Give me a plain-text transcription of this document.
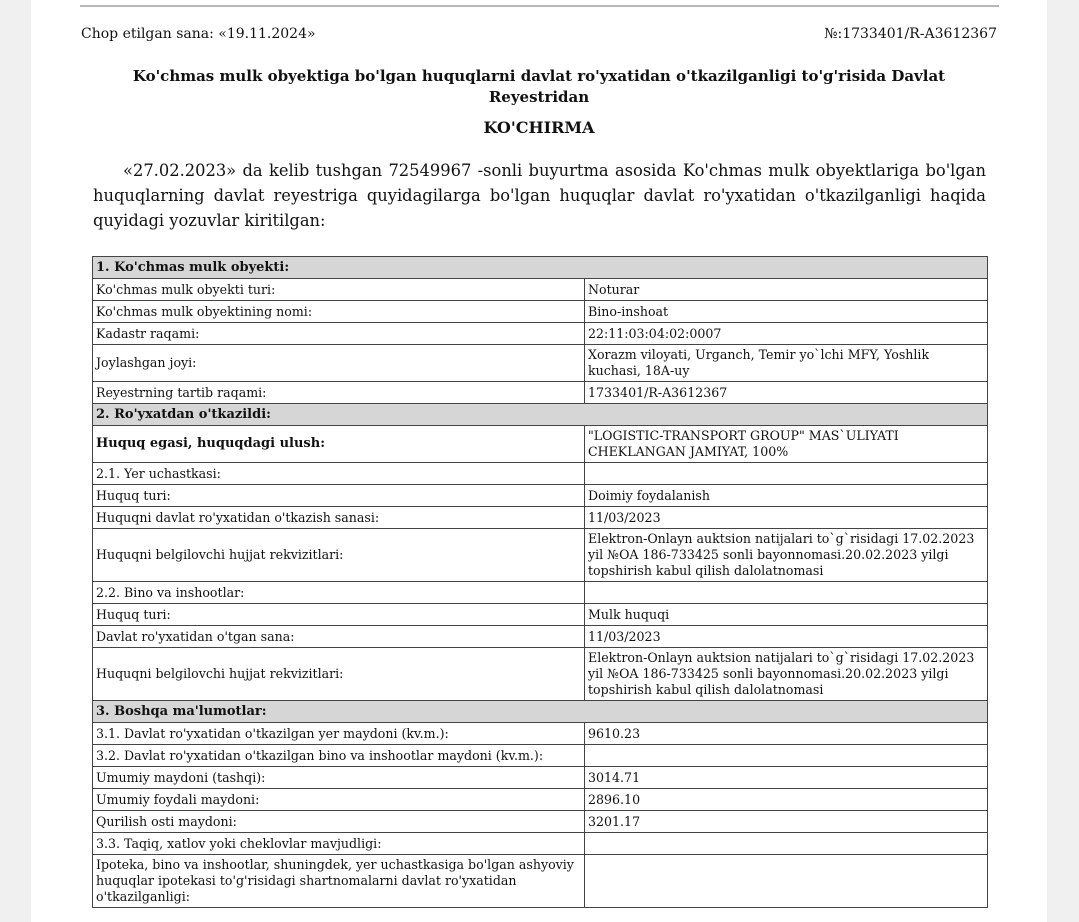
Chop etilgan sana: «19.11.2024»	№:1733401/R-A3612367
Ko'chmas mulk obyektiga bo'lgan huquqlarni davlat ro'yxatidan o'tkazilganligi to'g'risida Davlat Reyestridan
KO'CHIRMA
«27.02.2023» da kelib tushgan 72549967 -sonli buyurtma asosida Ko'chmas mulk obyektlariga bo'lgan huquqlarning davlat reyestriga quyidagilarga bo'lgan huquqlar davlat ro'yxatidan o'tkazilganligi haqida quyidagi yozuvlar kiritilgan:
1. Ko'chmas mulk obyekti:	
Ko'chmas mulk obyekti turi:	Noturar
Ko'chmas mulk obyektining nomi:	Bino-inshoat
Kadastr raqami:	22:11:03:04:02:0007
Joylashgan joyi:	Xorazm viloyati, Urganch, Temir yo`lchi MFY, Yoshlik kuchasi, 18A-uy
Reyestrning tartib raqami:	1733401/R-A3612367
2. Ro'yxatdan o'tkazildi:	
Huquq egasi, huquqdagi ulush:	"LOGISTIC-TRANSPORT GROUP" MAS`ULIYATI CHEKLANGAN JAMIYAT, 100%
2.1. Yer uchastkasi:	
Huquq turi:	Doimiy foydalanish
Huquqni davlat ro'yxatidan o'tkazish sanasi:	11/03/2023
Huquqni belgilovchi hujjat rekvizitlari:	Elektron-Onlayn auktsion natijalari to`g`risidagi 17.02.2023 yil №OA 186-733425 sonli bayonnomasi.20.02.2023 yilgi topshirish kabul qilish dalolatnomasi
2.2. Bino va inshootlar:	
Huquq turi:	Mulk huquqi
Davlat ro'yxatidan o'tgan sana:	11/03/2023
Huquqni belgilovchi hujjat rekvizitlari:	Elektron-Onlayn auktsion natijalari to`g`risidagi 17.02.2023 yil №OA 186-733425 sonli bayonnomasi.20.02.2023 yilgi topshirish kabul qilish dalolatnomasi
3. Boshqa ma'lumotlar:	
3.1. Davlat ro'yxatidan o'tkazilgan yer maydoni (kv.m.):	9610.23
3.2. Davlat ro'yxatidan o'tkazilgan bino va inshootlar maydoni (kv.m.):	
Umumiy maydoni (tashqi):	3014.71
Umumiy foydali maydoni:	2896.10
Qurilish osti maydoni:	3201.17
3.3. Taqiq, xatlov yoki cheklovlar mavjudligi:	
Ipoteka, bino va inshootlar, shuningdek, yer uchastkasiga bo'lgan ashyoviy huquqlar ipotekasi to'g'risidagi shartnomalarni davlat ro'yxatidan o'tkazilganligi:	
